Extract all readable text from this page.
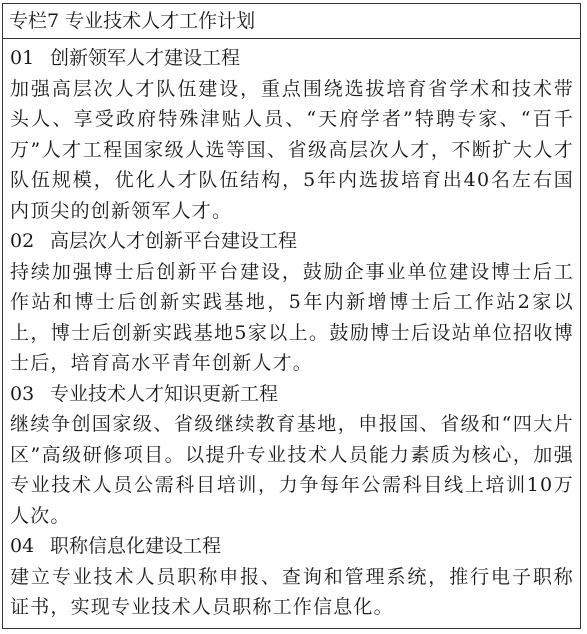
专栏7 专业技术人才工作计划
01 创新领军人才建设工程
加强高层次人才队伍建设，重点围绕选拔培育省学术和技术带头人、享受政府特殊津贴人员、“天府学者”特聘专家、“百千万”人才工程国家级人选等国、省级高层次人才，不断扩大人才队伍规模，优化人才队伍结构，5年内选拔培育出40名左右国内顶尖的创新领军人才。
02 高层次人才创新平台建设工程
持续加强博士后创新平台建设，鼓励企事业单位建设博士后工作站和博士后创新实践基地，5年内新增博士后工作站2家以上，博士后创新实践基地5家以上。鼓励博士后设站单位招收博士后，培育高水平青年创新人才。
03 专业技术人才知识更新工程
继续争创国家级、省级继续教育基地，申报国、省级和“四大片区”高级研修项目。以提升专业技术人员能力素质为核心，加强专业技术人员公需科目培训，力争每年公需科目线上培训10万人次。
04 职称信息化建设工程
建立专业技术人员职称申报、查询和管理系统，推行电子职称证书，实现专业技术人员职称工作信息化。
